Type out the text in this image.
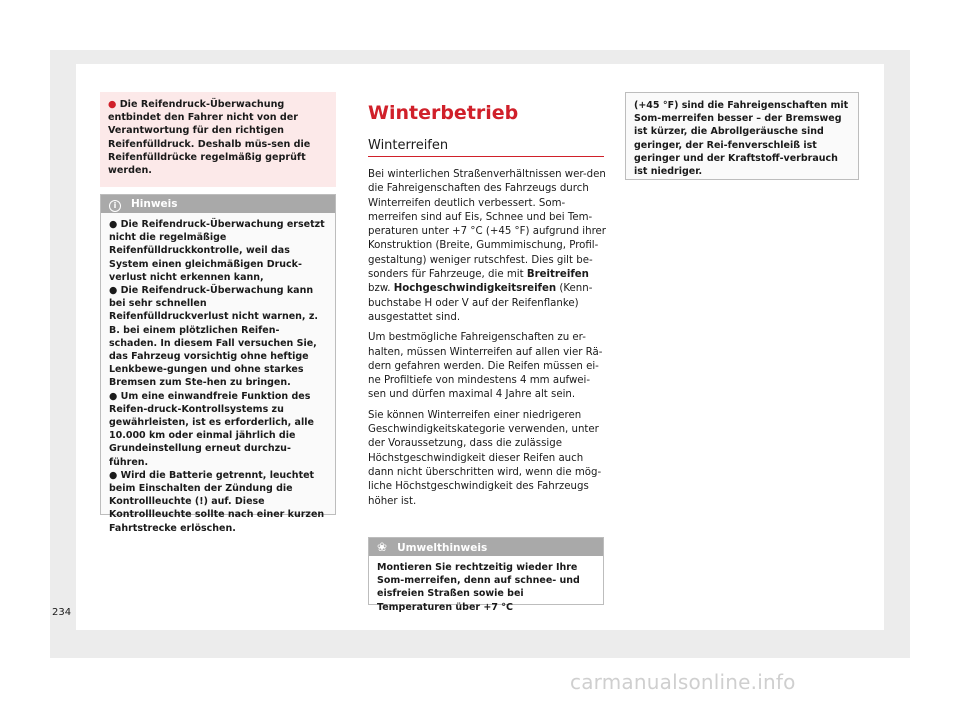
● Die Reifendruck-Überwachung entbindet den Fahrer nicht von der Verantwortung für den richtigen Reifenfülldruck. Deshalb müs-sen die Reifenfülldrücke regelmäßig geprüft werden.
i Hinweis
● Die Reifendruck-Überwachung ersetzt nicht die regelmäßige Reifenfülldruckkontrolle, weil das System einen gleichmäßigen Druck-verlust nicht erkennen kann,
● Die Reifendruck-Überwachung kann bei sehr schnellen Reifenfülldruckverlust nicht warnen, z. B. bei einem plötzlichen Reifen-schaden. In diesem Fall versuchen Sie, das Fahrzeug vorsichtig ohne heftige Lenkbewe-gungen und ohne starkes Bremsen zum Ste-hen zu bringen.
● Um eine einwandfreie Funktion des Reifen-druck-Kontrollsystems zu gewährleisten, ist es erforderlich, alle 10.000 km oder einmal jährlich die Grundeinstellung erneut durchzu-führen.
● Wird die Batterie getrennt, leuchtet beim Einschalten der Zündung die Kontrollleuchte (!) auf. Diese Kontrollleuchte sollte nach einer kurzen Fahrtstrecke erlöschen.
Winterbetrieb
Winterreifen

Bei winterlichen Straßenverhältnissen wer-den die Fahreigenschaften des Fahrzeugs durch Winterreifen deutlich verbessert. Som-merreifen sind auf Eis, Schnee und bei Tem-peraturen unter +7 °C (+45 °F) aufgrund ihrer Konstruktion (Breite, Gummimischung, Profil-gestaltung) weniger rutschfest. Dies gilt be-sonders für Fahrzeuge, die mit Breitreifen bzw. Hochgeschwindigkeitsreifen (Kenn-buchstabe H oder V auf der Reifenflanke) ausgestattet sind.

Um bestmögliche Fahreigenschaften zu er-halten, müssen Winterreifen auf allen vier Rä-dern gefahren werden. Die Reifen müssen ei-ne Profiltiefe von mindestens 4 mm aufwei-sen und dürfen maximal 4 Jahre alt sein.

Sie können Winterreifen einer niedrigeren Geschwindigkeitskategorie verwenden, unter der Voraussetzung, dass die zulässige Höchstgeschwindigkeit dieser Reifen auch dann nicht überschritten wird, wenn die mög-liche Höchstgeschwindigkeit des Fahrzeugs höher ist.

❀ Umwelthinweis
Montieren Sie rechtzeitig wieder Ihre Som-merreifen, denn auf schnee- und eisfreien Straßen sowie bei Temperaturen über +7 °C
(+45 °F) sind die Fahreigenschaften mit Som-merreifen besser – der Bremsweg ist kürzer, die Abrollgeräusche sind geringer, der Rei-fenverschleiß ist geringer und der Kraftstoff-verbrauch ist niedriger.
234
carmanualsonline.info
